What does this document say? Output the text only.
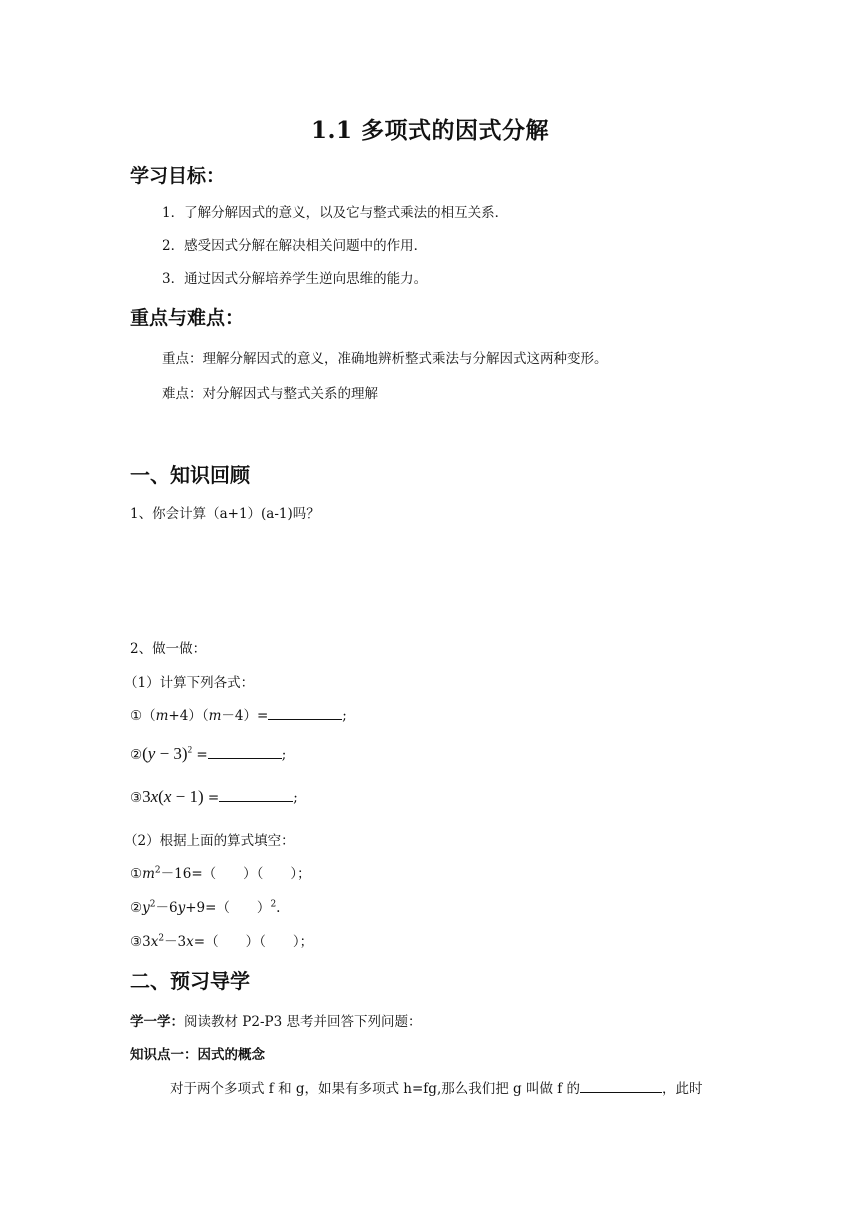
1.1 多项式的因式分解
学习目标：
1．了解分解因式的意义，以及它与整式乘法的相互关系．
2．感受因式分解在解决相关问题中的作用．
3．通过因式分解培养学生逆向思维的能力。
重点与难点：
重点：理解分解因式的意义，准确地辨析整式乘法与分解因式这两种变形。
难点：对分解因式与整式关系的理解
一、知识回顾
1、你会计算（a+1）(a-1)吗？
2、做一做：
（1）计算下列各式：
①（m+4）（m－4）=	;
②(y − 3)$^2$ =	;
③3x(x − 1) =	;
（2）根据上面的算式填空：
$①m^2-16=$（　　）（　　）；
$②y^2-6y+9=$（　　）$^2$.
$③3x^2-3x=$（　　）（　　）；
二、预习导学
学一学：阅读教材 P2-P3 思考并回答下列问题：
知识点一：因式的概念
对于两个多项式 f 和 g，如果有多项式 h=fg,那么我们把 g 叫做 f 的	，此时
